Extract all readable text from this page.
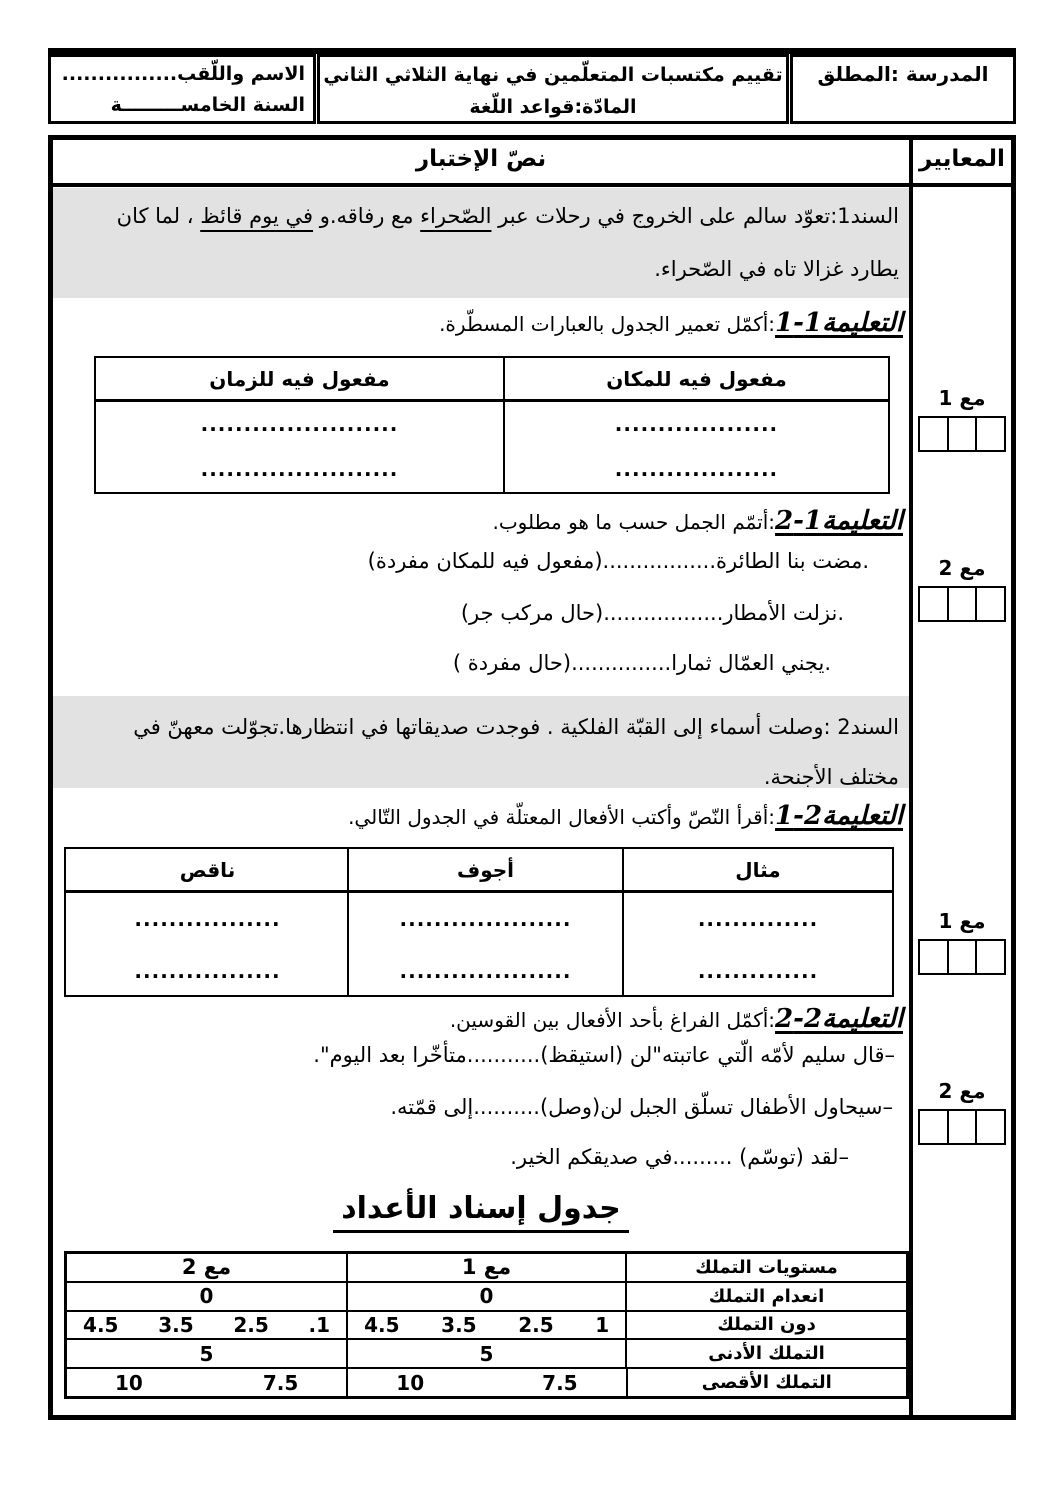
المدرسة :المطلق
تقييم مكتسبات المتعلّمين في نهاية الثلاثي الثاني
المادّة:قواعد اللّغة
الاسم واللّقب................
السنة الخامســـــــــة
المعايير
نصّ الإختبار
مع 1
مع 2
مع 1
مع 2
السند1:تعوّد سالم على الخروج في رحلات عبر الصّحراء مع رفاقه.و في يوم قائظ ، لما كان يطارد غزالا تاه في الصّحراء.
التعليمة1-1:أكمّل تعمير الجدول بالعبارات المسطّرة.
مفعول فيه للمكان
مفعول فيه للزمان
...................
.......................
...................
.......................
التعليمة1-2:أتمّم الجمل حسب ما هو مطلوب.
.مضت بنا الطائرة.................(مفعول فيه للمكان مفردة)
.نزلت الأمطار..................(حال مركب جر)
.يجني العمّال ثمارا...............(حال مفردة )
السند2 :وصلت أسماء إلى القبّة الفلكية . فوجدت صديقاتها في انتظارها.تجوّلت معهنّ في مختلف الأجنحة.
التعليمة2-1:أقرأ النّصّ وأكتب الأفعال المعتلّة في الجدول التّالي.
مثال
أجوف
ناقص
..............
....................
.................
..............
....................
.................
التعليمة2-2:أكمّل الفراغ بأحد الأفعال بين القوسين.
–قال سليم لأمّه الّتي عاتبته"لن (استيقظ)...........متأخّرا بعد اليوم".
–سيحاول الأطفال تسلّق الجبل لن(وصل)..........إلى قمّته.
–لقد (توسّم) .........في صديقكم الخير.
جدول إسناد الأعداد
مستويات التملك
مع 1
مع 2
انعدام التملك
0
0
دون التملك
1
2.5
3.5
4.5
1.
2.5
3.5
4.5
التملك الأدنى
5
5
التملك الأقصى
7.5
10
7.5
10
